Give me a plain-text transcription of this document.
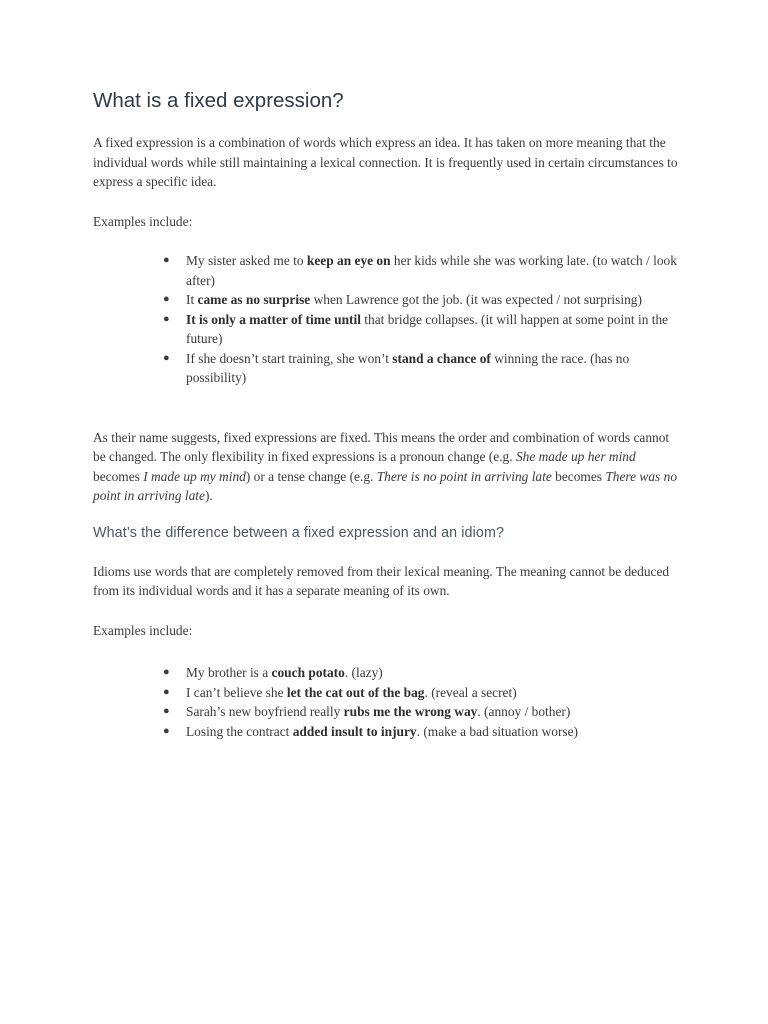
What is a fixed expression?

A fixed expression is a combination of words which express an idea. It has taken on more meaning that the individual words while still maintaining a lexical connection. It is frequently used in certain circumstances to express a specific idea.

Examples include:

● My sister asked me to keep an eye on her kids while she was working late. (to watch / look after)
● It came as no surprise when Lawrence got the job. (it was expected / not surprising)
● It is only a matter of time until that bridge collapses. (it will happen at some point in the future)
● If she doesn’t start training, she won’t stand a chance of winning the race. (has no possibility)

As their name suggests, fixed expressions are fixed. This means the order and combination of words cannot be changed. The only flexibility in fixed expressions is a pronoun change (e.g. She made up her mind becomes I made up my mind) or a tense change (e.g. There is no point in arriving late becomes There was no point in arriving late).

What’s the difference between a fixed expression and an idiom?

Idioms use words that are completely removed from their lexical meaning. The meaning cannot be deduced from its individual words and it has a separate meaning of its own.

Examples include:

● My brother is a couch potato. (lazy)
● I can’t believe she let the cat out of the bag. (reveal a secret)
● Sarah’s new boyfriend really rubs me the wrong way. (annoy / bother)
● Losing the contract added insult to injury. (make a bad situation worse)
